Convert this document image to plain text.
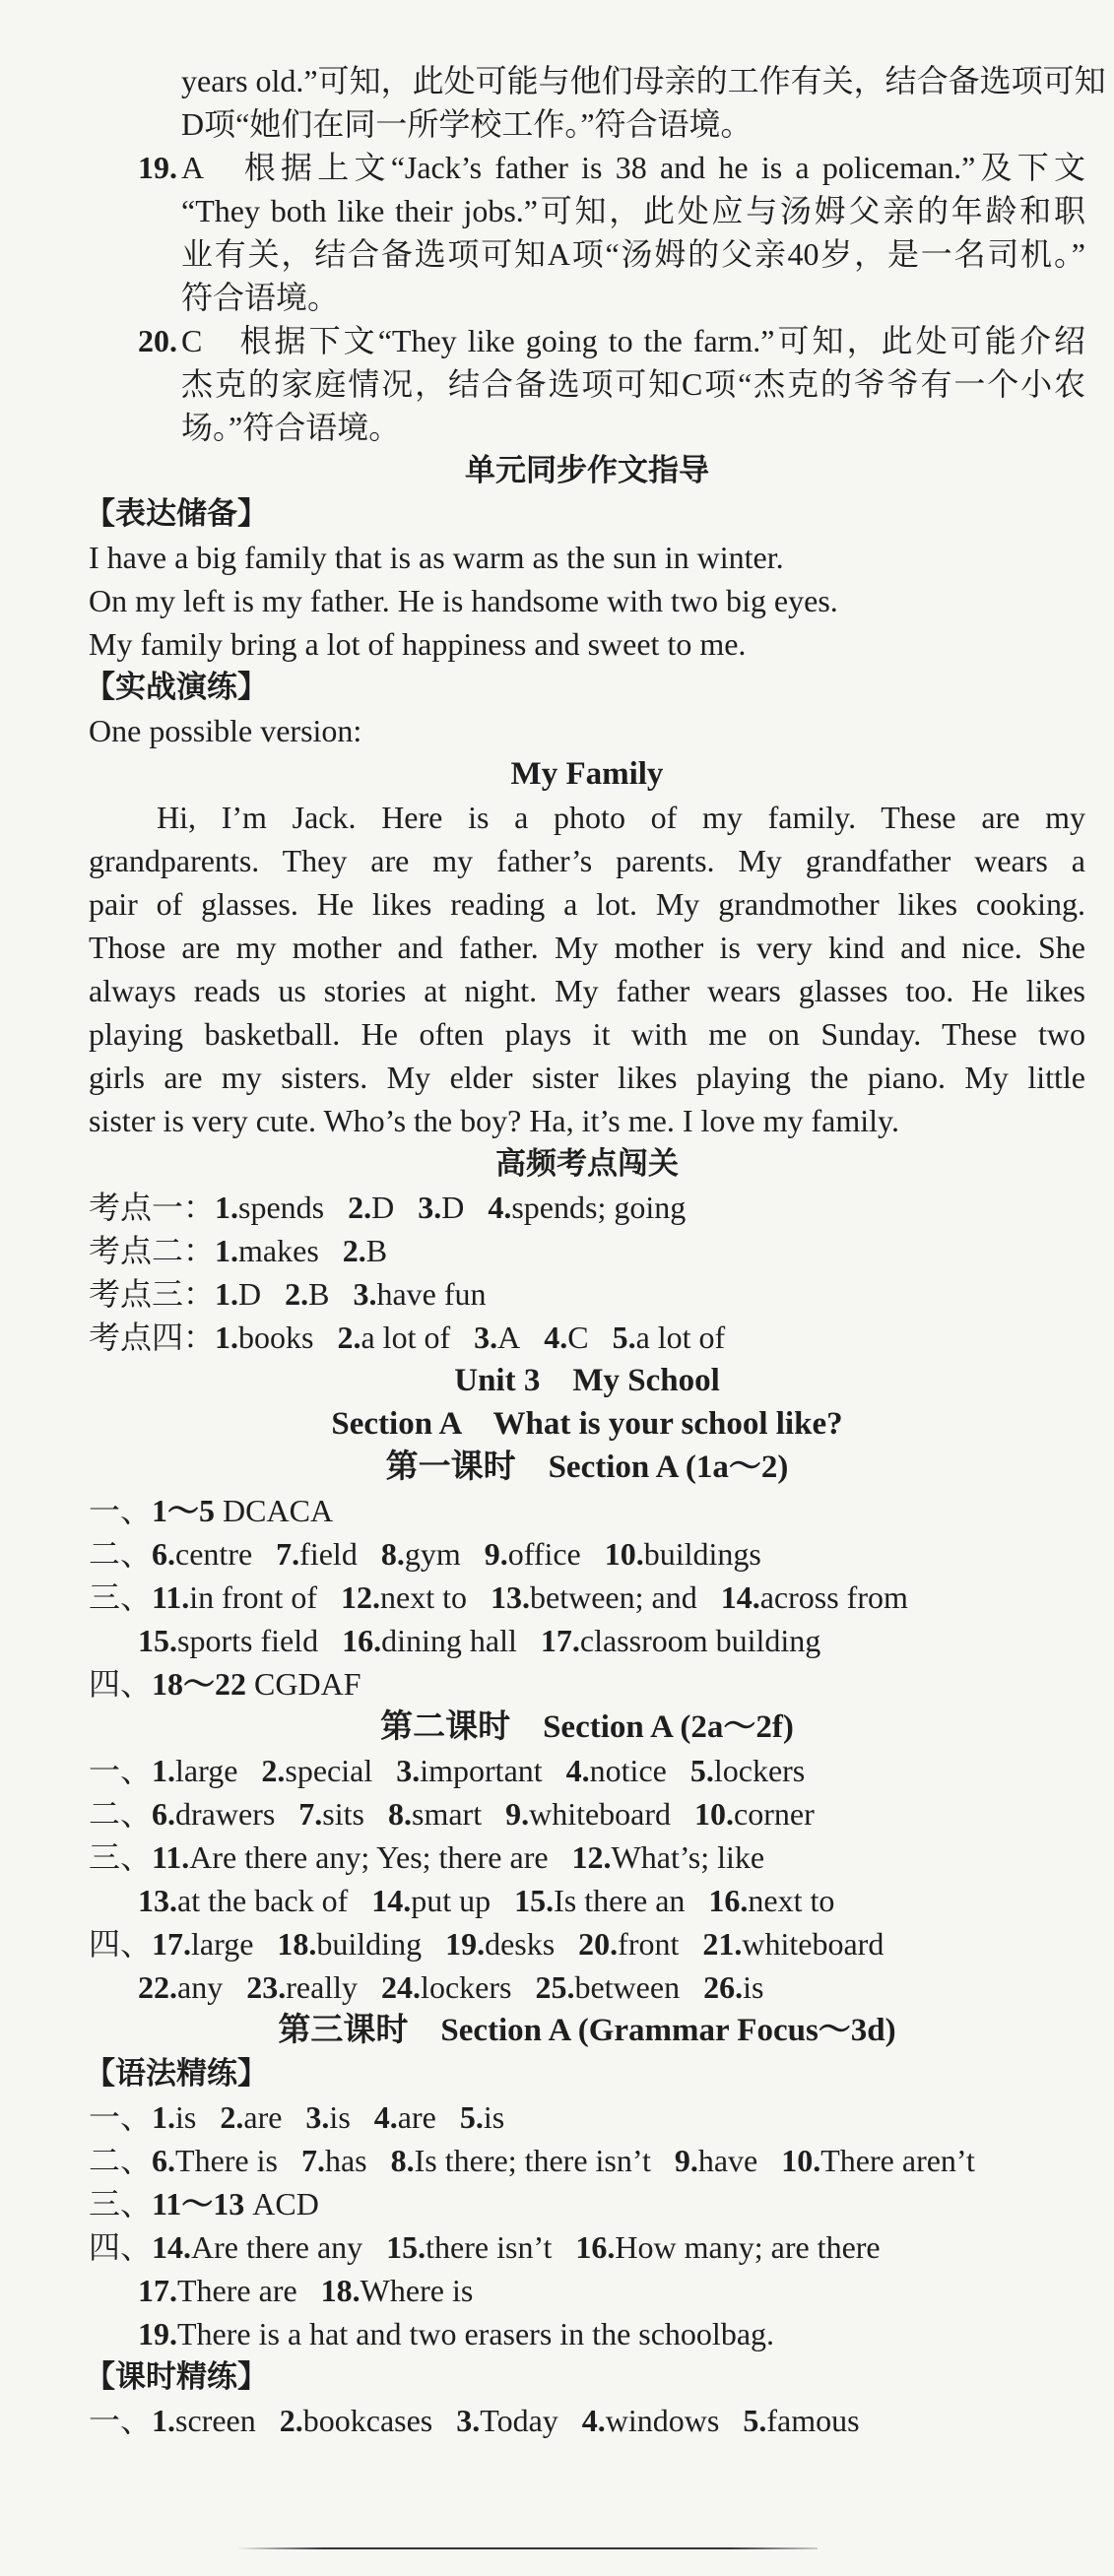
years old.”可知，此处可能与他们母亲的工作有关，结合备选项可知
D项“她们在同一所学校工作。”符合语境。
19. A　根据上文“Jack’s father is 38 and he is a policeman.”及下文
“They both like their jobs.”可知，此处应与汤姆父亲的年龄和职
业有关，结合备选项可知A项“汤姆的父亲40岁，是一名司机。”
符合语境。
20. C　根据下文“They like going to the farm.”可知，此处可能介绍
杰克的家庭情况，结合备选项可知C项“杰克的爷爷有一个小农
场。”符合语境。
单元同步作文指导
【表达储备】
I have a big family that is as warm as the sun in winter.
On my left is my father. He is handsome with two big eyes.
My family bring a lot of happiness and sweet to me.
【实战演练】
One possible version:
My Family
Hi, I’m Jack. Here is a photo of my family. These are my
grandparents. They are my father’s parents. My grandfather wears a
pair of glasses. He likes reading a lot. My grandmother likes cooking.
Those are my mother and father. My mother is very kind and nice. She
always reads us stories at night. My father wears glasses too. He likes
playing basketball. He often plays it with me on Sunday. These two
girls are my sisters. My elder sister likes playing the piano. My little
sister is very cute. Who’s the boy? Ha, it’s me. I love my family.
高频考点闯关
考点一：1.spends 2.D 3.D 4.spends; going
考点二：1.makes 2.B
考点三：1.D 2.B 3.have fun
考点四：1.books 2.a lot of 3.A 4.C 5.a lot of
Unit 3　My School
Section A　What is your school like?
第一课时　Section A (1a～2)
一、1～5 DCACA
二、6.centre 7.field 8.gym 9.office 10.buildings
三、11.in front of 12.next to 13.between; and 14.across from
15.sports field 16.dining hall 17.classroom building
四、18～22 CGDAF
第二课时　Section A (2a～2f)
一、1.large 2.special 3.important 4.notice 5.lockers
二、6.drawers 7.sits 8.smart 9.whiteboard 10.corner
三、11.Are there any; Yes; there are 12.What’s; like
13.at the back of 14.put up 15.Is there an 16.next to
四、17.large 18.building 19.desks 20.front 21.whiteboard
22.any 23.really 24.lockers 25.between 26.is
第三课时　Section A (Grammar Focus～3d)
【语法精练】
一、1.is 2.are 3.is 4.are 5.is
二、6.There is 7.has 8.Is there; there isn’t 9.have 10.There aren’t
三、11～13 ACD
四、14.Are there any 15.there isn’t 16.How many; are there
17.There are 18.Where is
19.There is a hat and two erasers in the schoolbag.
【课时精练】
一、1.screen 2.bookcases 3.Today 4.windows 5.famous
